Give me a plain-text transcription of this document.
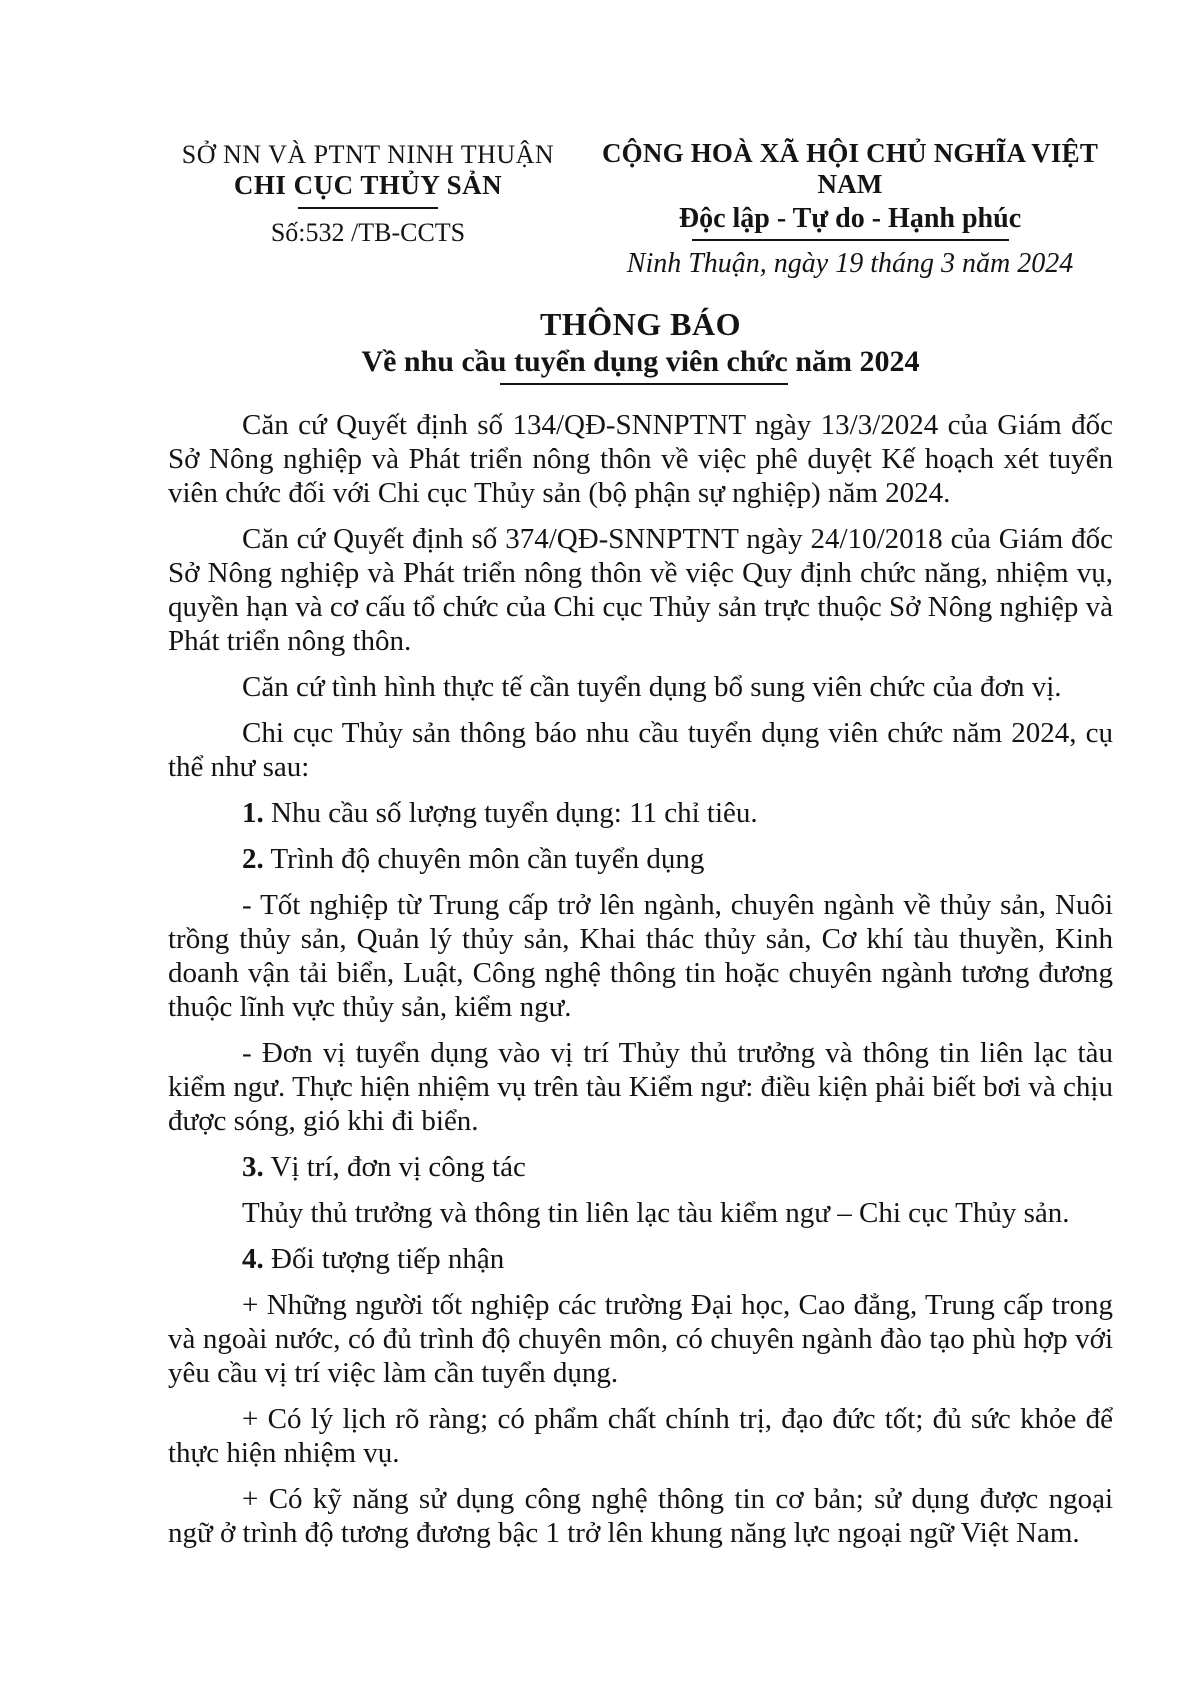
SỞ NN VÀ PTNT NINH THUẬN
CHI CỤC THỦY SẢN
Số:532 /TB-CCTS
CỘNG HOÀ XÃ HỘI CHỦ NGHĨA VIỆT NAM
Độc lập - Tự do - Hạnh phúc
Ninh Thuận, ngày 19 tháng 3 năm 2024
THÔNG BÁO
Về nhu cầu tuyển dụng viên chức năm 2024

Căn cứ Quyết định số 134/QĐ-SNNPTNT ngày 13/3/2024 của Giám đốc Sở Nông nghiệp và Phát triển nông thôn về việc phê duyệt Kế hoạch xét tuyển viên chức đối với Chi cục Thủy sản (bộ phận sự nghiệp) năm 2024.

Căn cứ Quyết định số 374/QĐ-SNNPTNT ngày 24/10/2018 của Giám đốc Sở Nông nghiệp và Phát triển nông thôn về việc Quy định chức năng, nhiệm vụ, quyền hạn và cơ cấu tổ chức của Chi cục Thủy sản trực thuộc Sở Nông nghiệp và Phát triển nông thôn.

Căn cứ tình hình thực tế cần tuyển dụng bổ sung viên chức của đơn vị.

Chi cục Thủy sản thông báo nhu cầu tuyển dụng viên chức năm 2024, cụ thể như sau:

1. Nhu cầu số lượng tuyển dụng: 11 chỉ tiêu.

2. Trình độ chuyên môn cần tuyển dụng

- Tốt nghiệp từ Trung cấp trở lên ngành, chuyên ngành về thủy sản, Nuôi trồng thủy sản, Quản lý thủy sản, Khai thác thủy sản, Cơ khí tàu thuyền, Kinh doanh vận tải biển, Luật, Công nghệ thông tin hoặc chuyên ngành tương đương thuộc lĩnh vực thủy sản, kiểm ngư.

- Đơn vị tuyển dụng vào vị trí Thủy thủ trưởng và thông tin liên lạc tàu kiểm ngư. Thực hiện nhiệm vụ trên tàu Kiểm ngư: điều kiện phải biết bơi và chịu được sóng, gió khi đi biển.

3. Vị trí, đơn vị công tác

Thủy thủ trưởng và thông tin liên lạc tàu kiểm ngư – Chi cục Thủy sản.

4. Đối tượng tiếp nhận

+ Những người tốt nghiệp các trường Đại học, Cao đẳng, Trung cấp trong và ngoài nước, có đủ trình độ chuyên môn, có chuyên ngành đào tạo phù hợp với yêu cầu vị trí việc làm cần tuyển dụng.

+ Có lý lịch rõ ràng; có phẩm chất chính trị, đạo đức tốt; đủ sức khỏe để thực hiện nhiệm vụ.

+ Có kỹ năng sử dụng công nghệ thông tin cơ bản; sử dụng được ngoại ngữ ở trình độ tương đương bậc 1 trở lên khung năng lực ngoại ngữ Việt Nam.
